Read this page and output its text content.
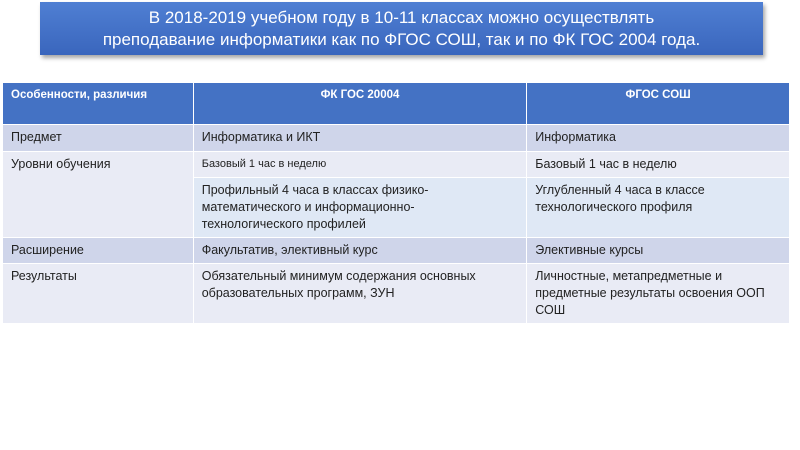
В 2018-2019 учебном году в 10-11 классах можно осуществлять преподавание информатики как по ФГОС СОШ, так и по ФК ГОС 2004 года.
Особенности, различия	ФК ГОС 20004	ФГОС СОШ
Предмет	Информатика и ИКТ	Информатика
Уровни обучения	Базовый 1 час в неделю	Базовый 1 час в неделю
	Профильный 4 часа в классах физико-математического и информационно-технологического профилей	Углубленный 4 часа в классе технологического профиля
Расширение	Факультатив, элективный курс	Элективные курсы
Результаты	Обязательный минимум содержания основных образовательных программ, ЗУН	Личностные, метапредметные и предметные результаты освоения ООП СОШ
